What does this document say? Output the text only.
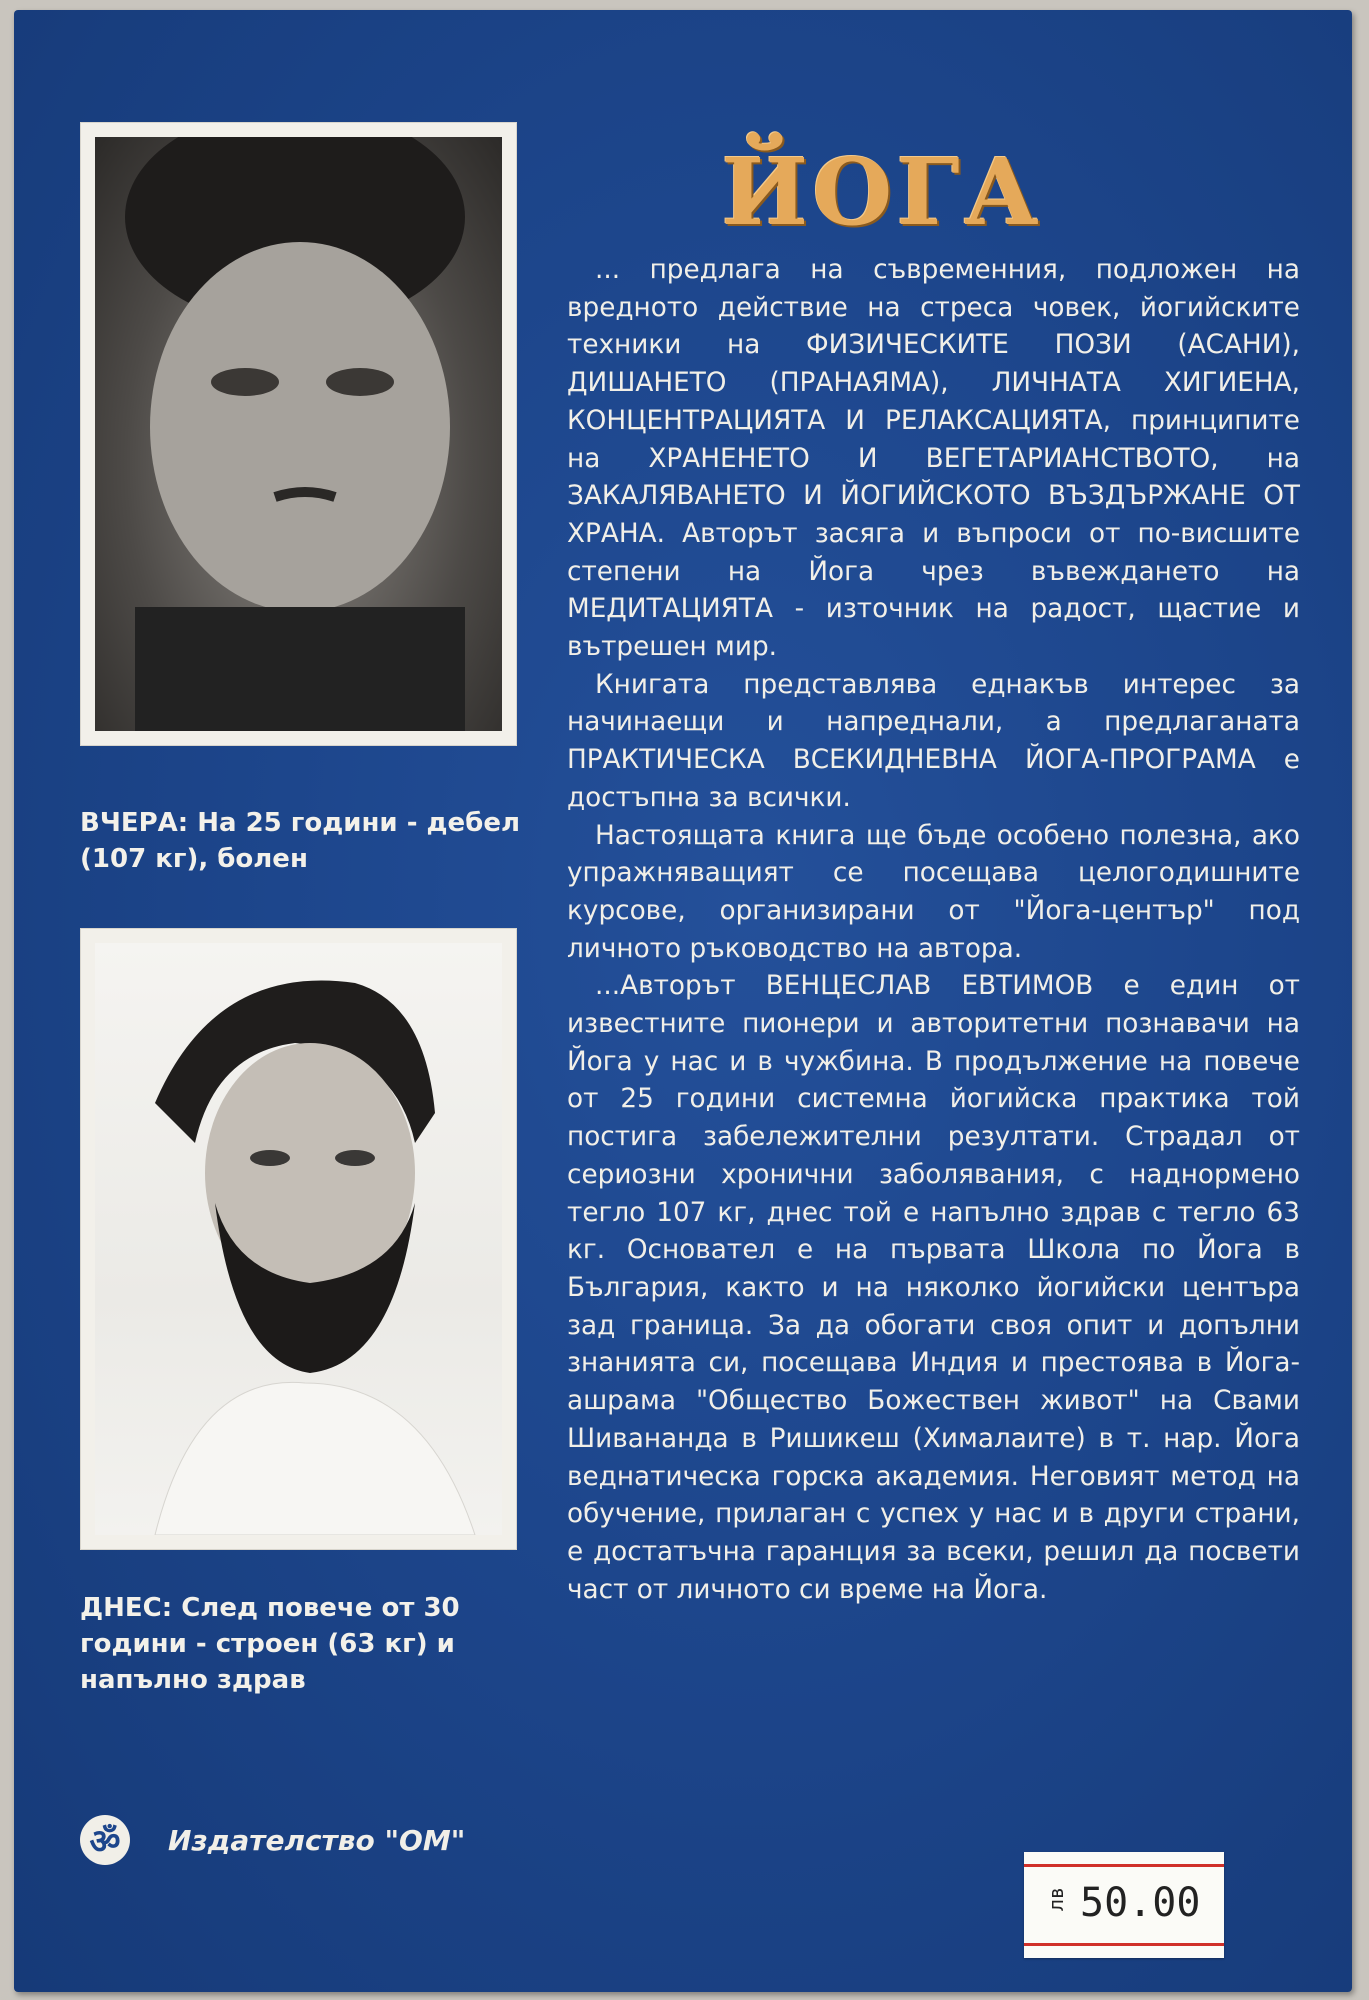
ВЧЕРА: На 25 години - дебел (107 кг), болен
ДНЕС: След повече от 30 години - строен (63 кг) и напълно здрав
ЙОГА

... предлага на съвременния, подложен на вредното действие на стреса човек, йогийските техники на ФИЗИЧЕСКИТЕ ПОЗИ (АСАНИ), ДИШАНЕТО (ПРАНАЯМА), ЛИЧНАТА ХИГИЕНА, КОНЦЕНТРАЦИЯТА И РЕЛАКСАЦИЯТА, принципите на ХРАНЕНЕТО И ВЕГЕТАРИАНСТВОТО, на ЗАКАЛЯВАНЕТО И ЙОГИЙСКОТО ВЪЗДЪРЖАНЕ ОТ ХРАНА. Авторът засяга и въпроси от по-висшите степени на Йога чрез въвеждането на МЕДИТАЦИЯТА - източник на радост, щастие и вътрешен мир.

Книгата представлява еднакъв интерес за начинаещи и напреднали, а предлаганата ПРАКТИЧЕСКА ВСЕКИДНЕВНА ЙОГА-ПРОГРАМА е достъпна за всички.

Настоящата книга ще бъде особено полезна, ако упражняващият се посещава целогодишните курсове, организирани от "Йога-център" под личното ръководство на автора.

...Авторът ВЕНЦЕСЛАВ ЕВТИМОВ е един от известните пионери и авторитетни познавачи на Йога у нас и в чужбина. В продължение на повече от 25 години системна йогийска практика той постига забележителни резултати. Страдал от сериозни хронични заболявания, с наднормено тегло 107 кг, днес той е напълно здрав с тегло 63 кг. Основател е на първата Школа по Йога в България, както и на няколко йогийски центъра зад граница. За да обогати своя опит и допълни знанията си, посещава Индия и престоява в Йога-ашрама "Общество Божествен живот" на Свами Шивананда в Ришикеш (Хималаите) в т. нар. Йога веднатическа горска академия. Неговият метод на обучение, прилаган с успех у нас и в други страни, е достатъчна гаранция за всеки, решил да посвети част от личното си време на Йога.

ॐ	Издателство "ОМ"
лв 50.00
